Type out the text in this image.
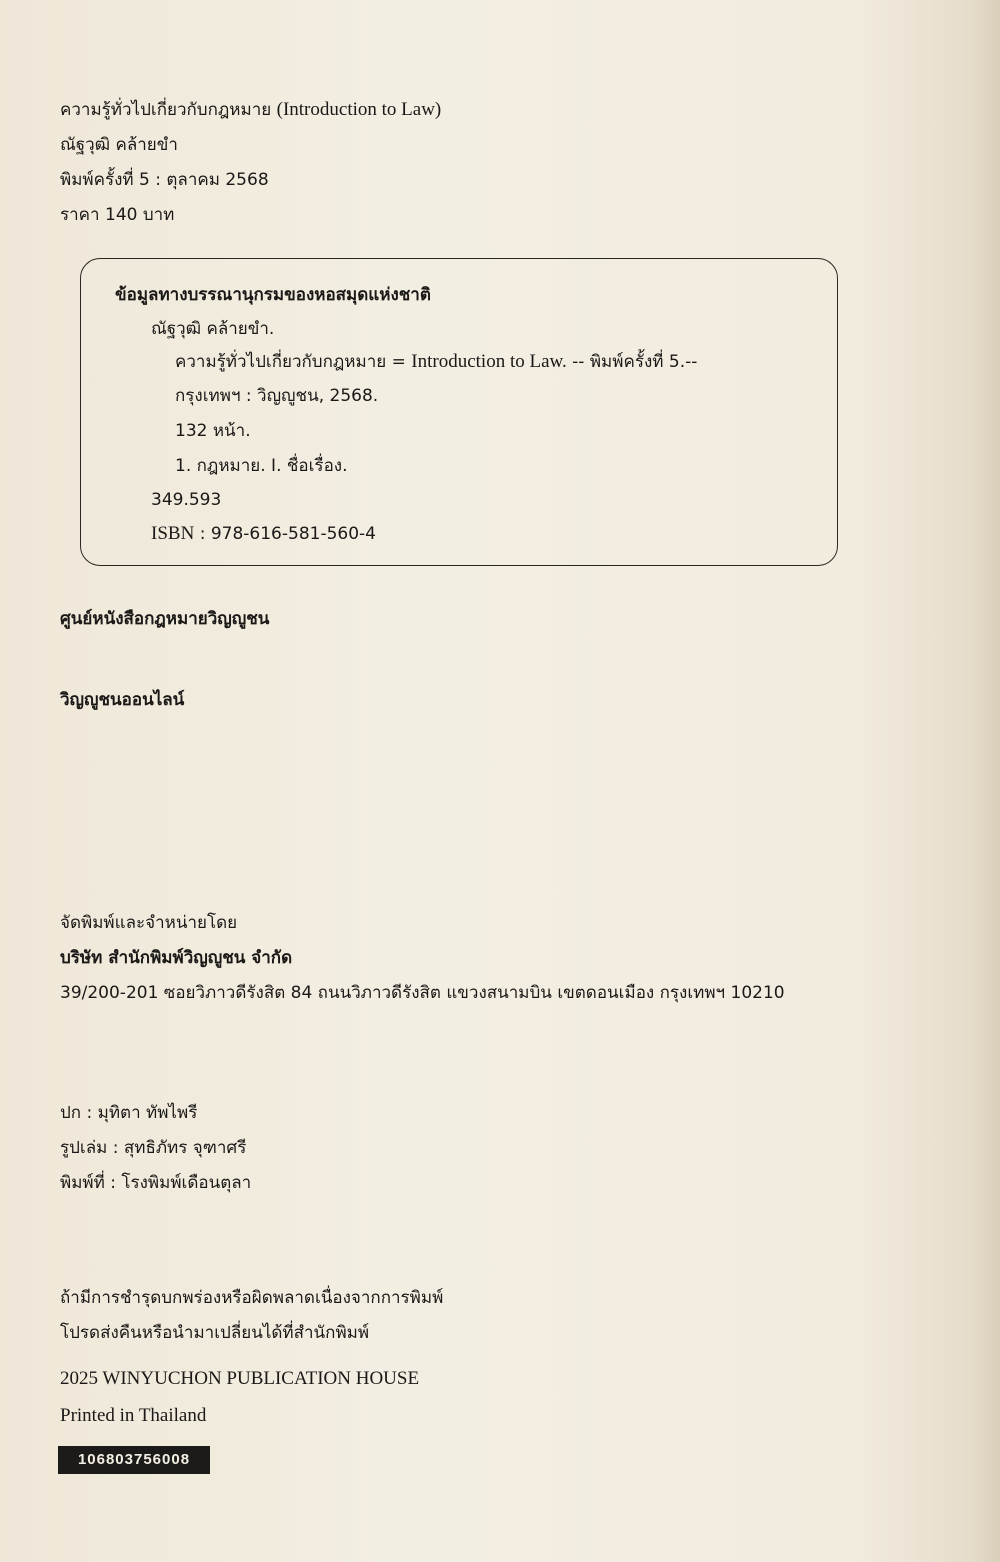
ความรู้ทั่วไปเกี่ยวกับกฎหมาย (Introduction to Law)
ณัฐวุฒิ คล้ายขำ
พิมพ์ครั้งที่ 5 : ตุลาคม 2568
ราคา 140 บาท
ข้อมูลทางบรรณานุกรมของหอสมุดแห่งชาติ
ณัฐวุฒิ คล้ายขำ.
ความรู้ทั่วไปเกี่ยวกับกฎหมาย = Introduction to Law. -- พิมพ์ครั้งที่ 5.--
กรุงเทพฯ : วิญญูชน, 2568.
132 หน้า.
1. กฎหมาย. I. ชื่อเรื่อง.
349.593
ISBN : 978-616-581-560-4
ศูนย์หนังสือกฎหมายวิญญูชน
วิญญูชนออนไลน์
จัดพิมพ์และจำหน่ายโดย
บริษัท สำนักพิมพ์วิญญูชน จำกัด
39/200-201 ซอยวิภาวดีรังสิต 84 ถนนวิภาวดีรังสิต แขวงสนามบิน เขตดอนเมือง กรุงเทพฯ 10210
ปก : มุทิตา ทัพไพรี
รูปเล่ม : สุทธิภัทร จุฑาศรี
พิมพ์ที่ : โรงพิมพ์เดือนตุลา
ถ้ามีการชำรุดบกพร่องหรือผิดพลาดเนื่องจากการพิมพ์
โปรดส่งคืนหรือนำมาเปลี่ยนได้ที่สำนักพิมพ์
2025 WINYUCHON PUBLICATION HOUSE
Printed in Thailand
106803756008
